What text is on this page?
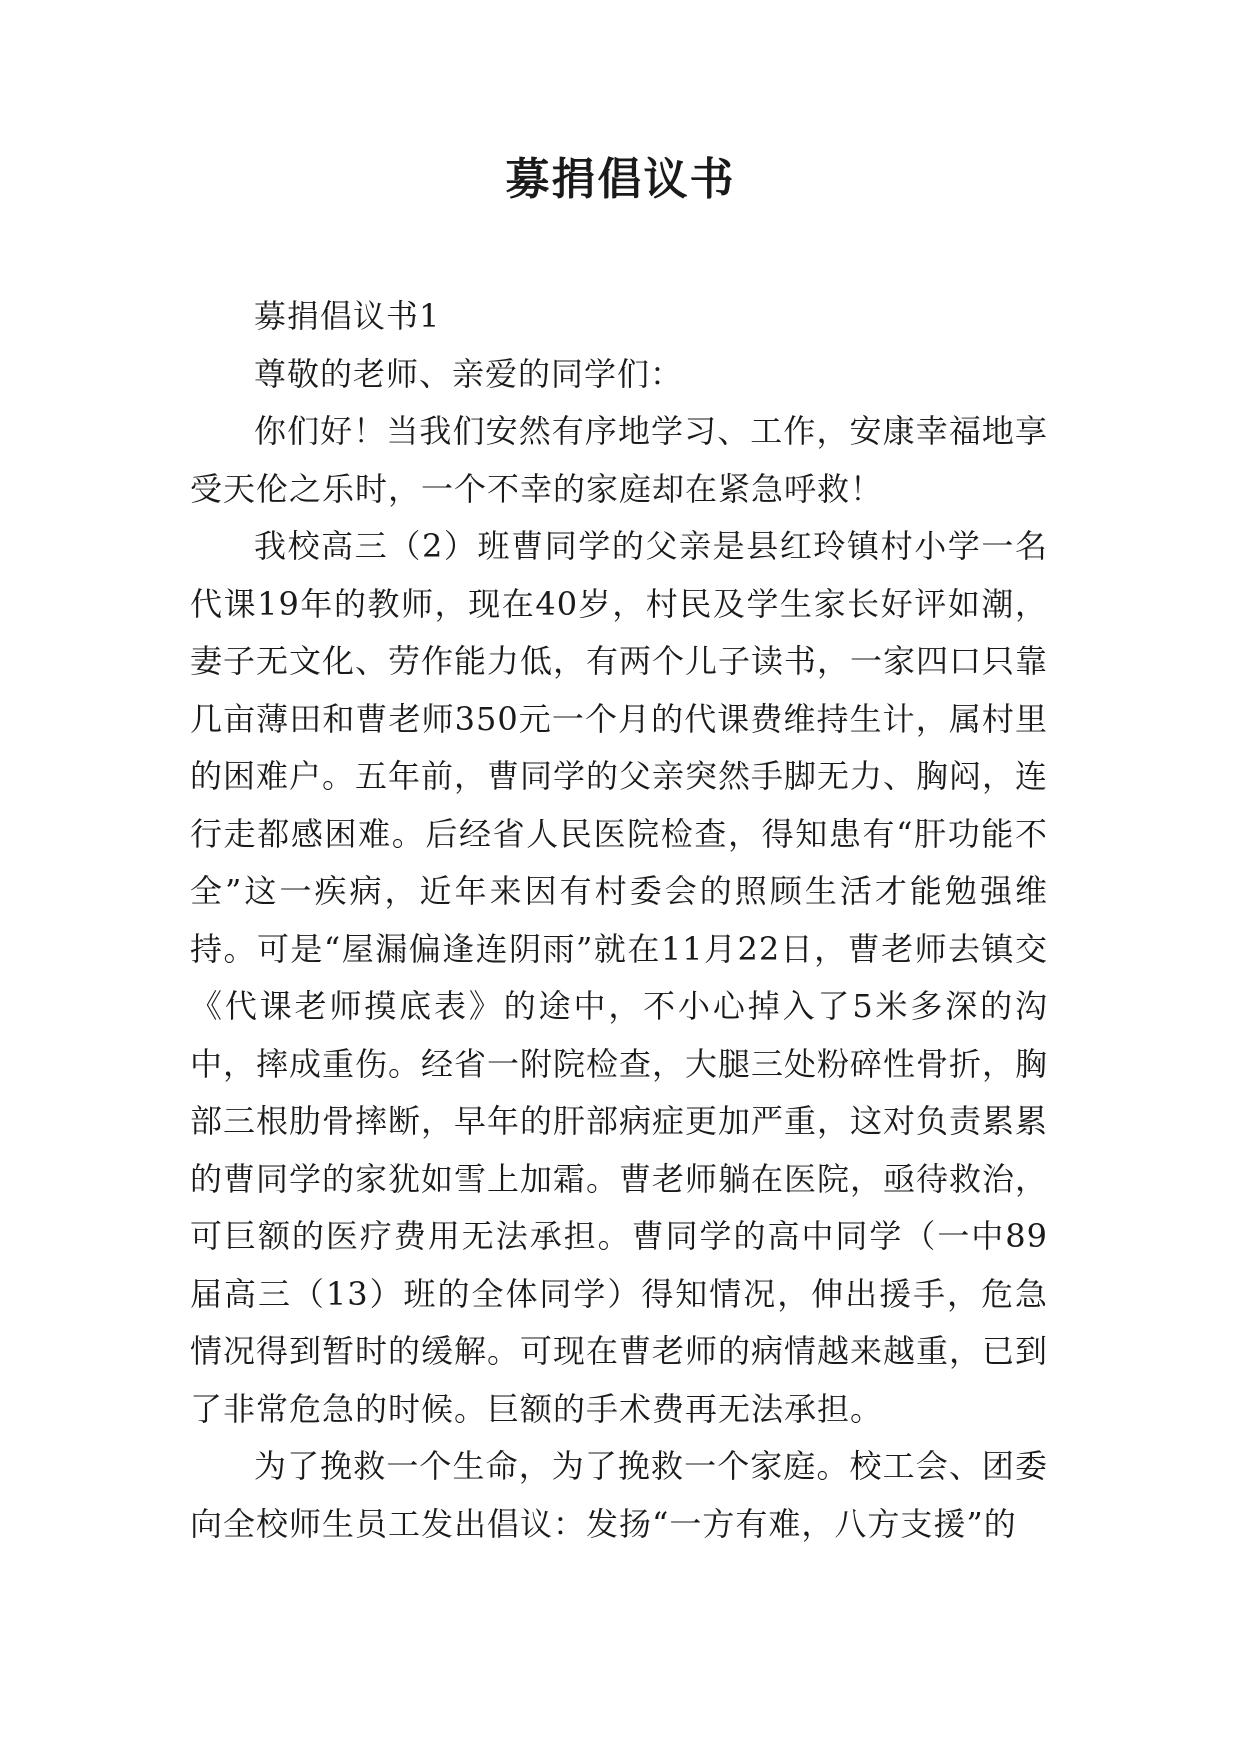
募捐倡议书

募捐倡议书1

尊敬的老师、亲爱的同学们：

你们好！当我们安然有序地学习、工作，安康幸福地享受天伦之乐时，一个不幸的家庭却在紧急呼救！

我校高三（2）班曹同学的父亲是县红玲镇村小学一名代课19年的教师，现在40岁，村民及学生家长好评如潮，妻子无文化、劳作能力低，有两个儿子读书，一家四口只靠几亩薄田和曹老师350元一个月的代课费维持生计，属村里的困难户。五年前，曹同学的父亲突然手脚无力、胸闷，连行走都感困难。后经省人民医院检查，得知患有“肝功能不全”这一疾病，近年来因有村委会的照顾生活才能勉强维持。可是“屋漏偏逢连阴雨”就在11月22日，曹老师去镇交《代课老师摸底表》的途中，不小心掉入了5米多深的沟中，摔成重伤。经省一附院检查，大腿三处粉碎性骨折，胸部三根肋骨摔断，早年的肝部病症更加严重，这对负责累累的曹同学的家犹如雪上加霜。曹老师躺在医院，亟待救治，可巨额的医疗费用无法承担。曹同学的高中同学（一中89届高三（13）班的全体同学）得知情况，伸出援手，危急情况得到暂时的缓解。可现在曹老师的病情越来越重，已到了非常危急的时候。巨额的手术费再无法承担。

为了挽救一个生命，为了挽救一个家庭。校工会、团委向全校师生员工发出倡议：发扬“一方有难，八方支援”的
